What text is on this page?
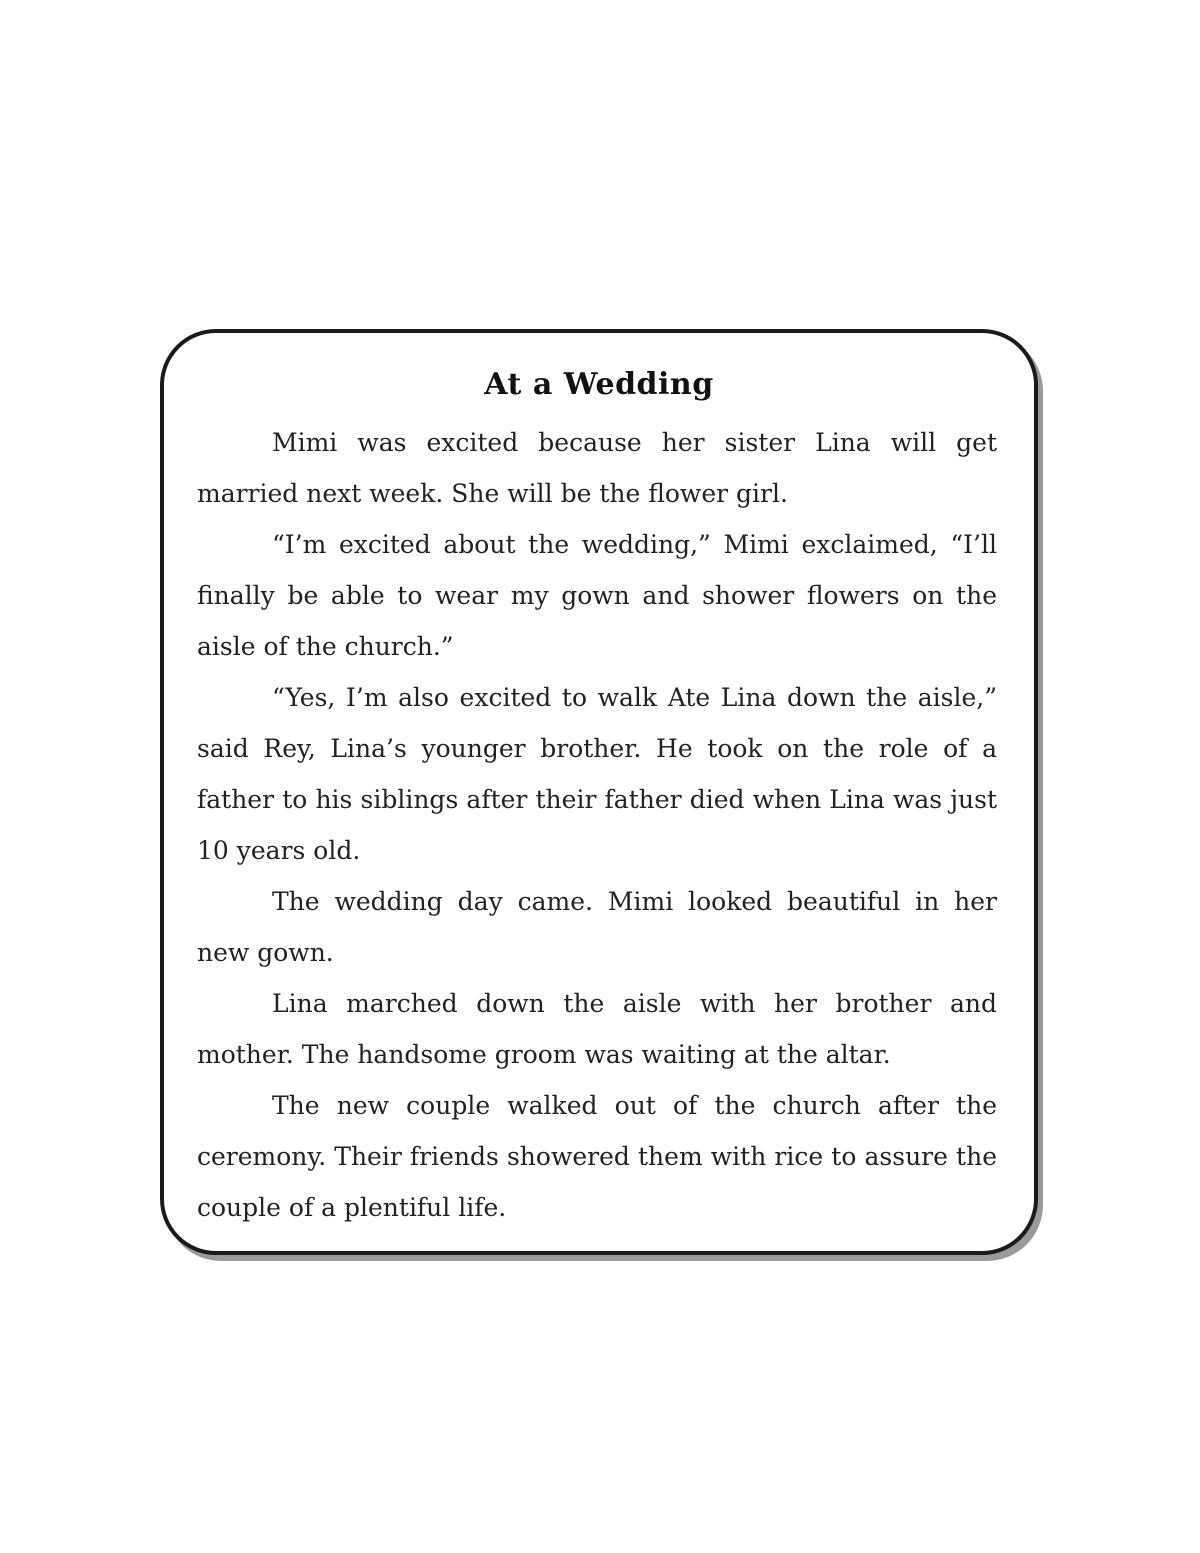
At a Wedding

Mimi was excited because her sister Lina will get married next week. She will be the flower girl.

“I’m excited about the wedding,” Mimi exclaimed, “I’ll finally be able to wear my gown and shower flowers on the aisle of the church.”

“Yes, I’m also excited to walk Ate Lina down the aisle,” said Rey, Lina’s younger brother. He took on the role of a father to his siblings after their father died when Lina was just 10 years old.

The wedding day came. Mimi looked beautiful in her new gown.

Lina marched down the aisle with her brother and mother. The handsome groom was waiting at the altar.

The new couple walked out of the church after the ceremony. Their friends showered them with rice to assure the couple of a plentiful life.
